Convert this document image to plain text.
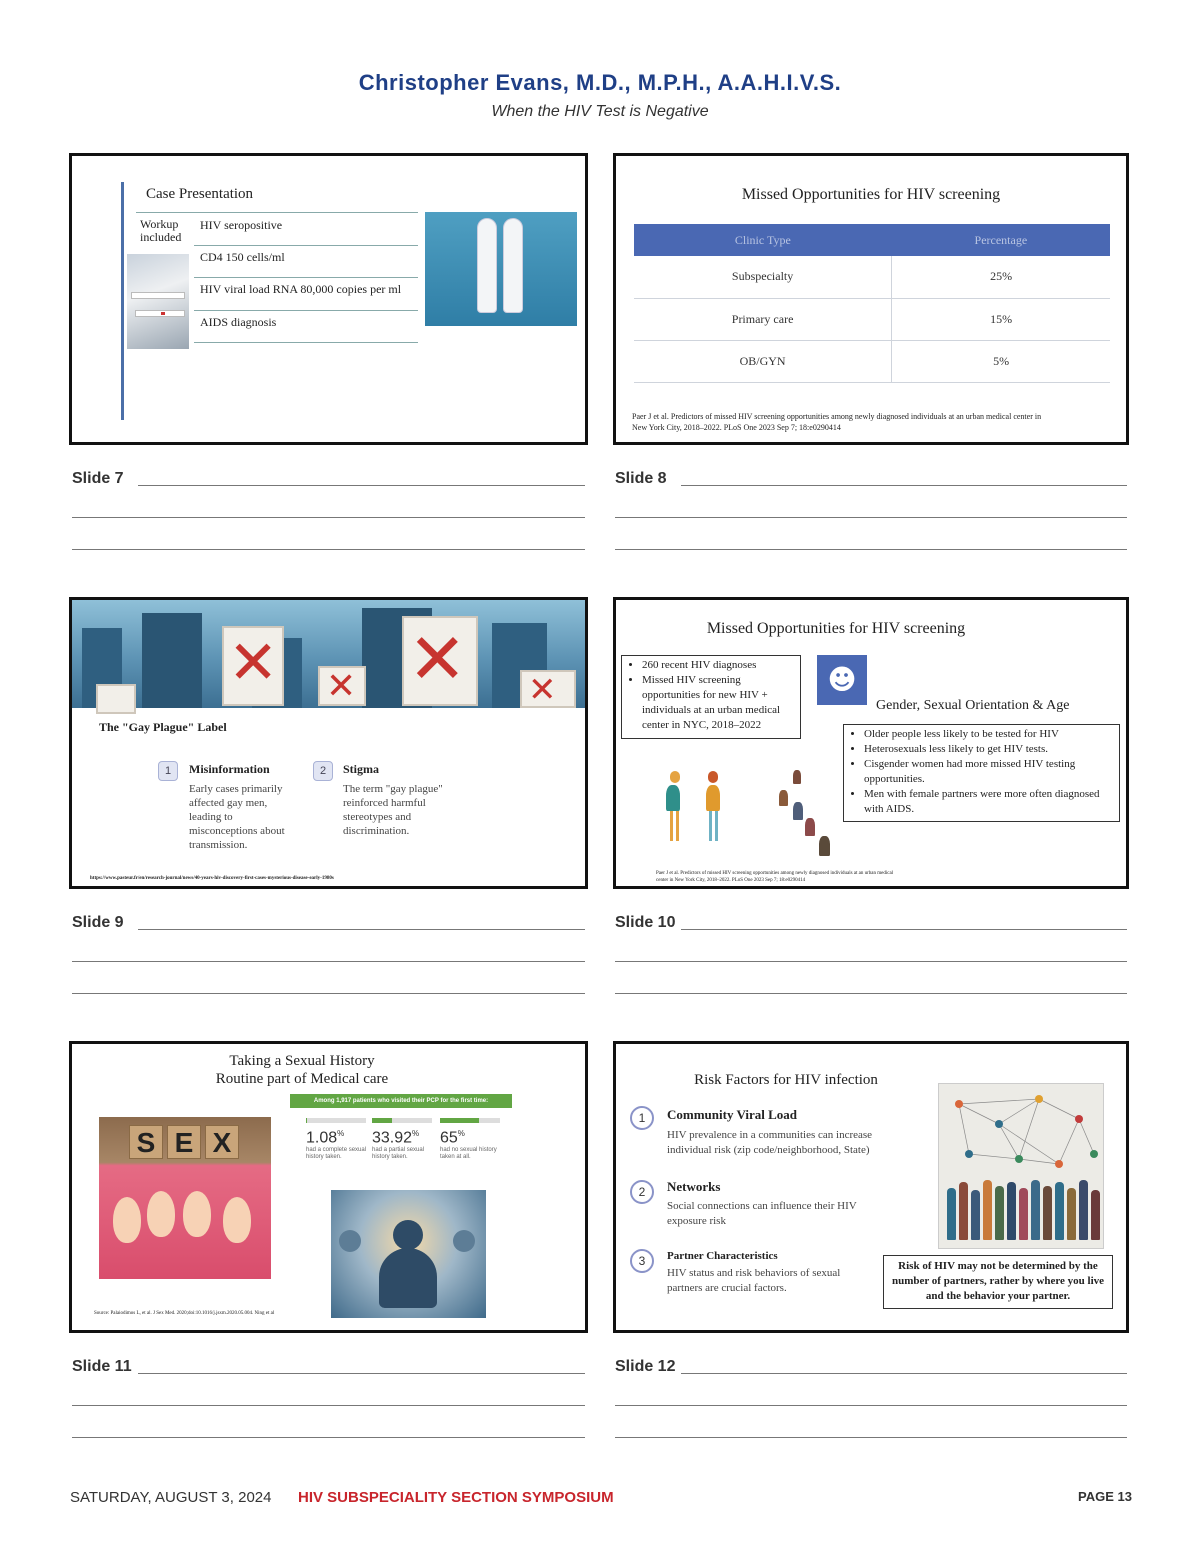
Christopher Evans, M.D., M.P.H., A.A.H.I.V.S.
When the HIV Test is Negative
Case Presentation
Workup included
HIV seropositive
CD4 150 cells/ml
HIV viral load RNA 80,000 copies per ml
AIDS diagnosis
Slide 7
Missed Opportunities for HIV screening
Clinic Type	Percentage
Subspecialty	25%
Primary care	15%
OB/GYN	5%
Paer J et al. Predictors of missed HIV screening opportunities among newly diagnosed individuals at an urban medical center in New York City, 2018–2022. PLoS One 2023 Sep 7; 18:e0290414
Slide 8
✕ ✕ ✕ ✕
The "Gay Plague" Label
1	Misinformation
Early cases primarily affected gay men, leading to misconceptions about transmission.
2	Stigma
The term "gay plague" reinforced harmful stereotypes and discrimination.
https://www.pasteur.fr/en/research-journal/news/40-years-hiv-discovery-first-cases-mysterious-disease-early-1980s
Slide 9
Missed Opportunities for HIV screening
• 260 recent HIV diagnoses
• Missed HIV screening opportunities for new HIV + individuals at an urban medical center in NYC, 2018–2022
☻
Gender, Sexual Orientation & Age
• Older people less likely to be tested for HIV
• Heterosexuals less likely to get HIV tests.
• Cisgender women had more missed HIV testing opportunities.
• Men with female partners were more often diagnosed with AIDS.
Paer J et al. Predictors of missed HIV screening opportunities among newly diagnosed individuals at an urban medical center in New York City, 2018–2022. PLoS One 2023 Sep 7; 18:e0290414
Slide 10
Taking a Sexual History
Routine part of Medical care
S E X
Among 1,917 patients who visited their PCP for the first time:
1.08%
had a complete sexual history taken.
33.92%
had a partial sexual history taken.
65%
had no sexual history taken at all.
Source: Palaiodimos L, et al. J Sex Med. 2020;doi:10.1016/j.jsxm.2020.05.004. Ning et al
Slide 11
Risk Factors for HIV infection
1	Community Viral Load
HIV prevalence in a communities can increase individual risk (zip code/neighborhood, State)
2	Networks
Social connections can influence their HIV exposure risk
3	Partner Characteristics
HIV status and risk behaviors of sexual partners are crucial factors.
Risk of HIV may not be determined by the number of partners, rather by where you live and the behavior your partner.
Slide 12
SATURDAY, AUGUST 3, 2024 HIV SUBSPECIALITY SECTION SYMPOSIUM	PAGE 13
